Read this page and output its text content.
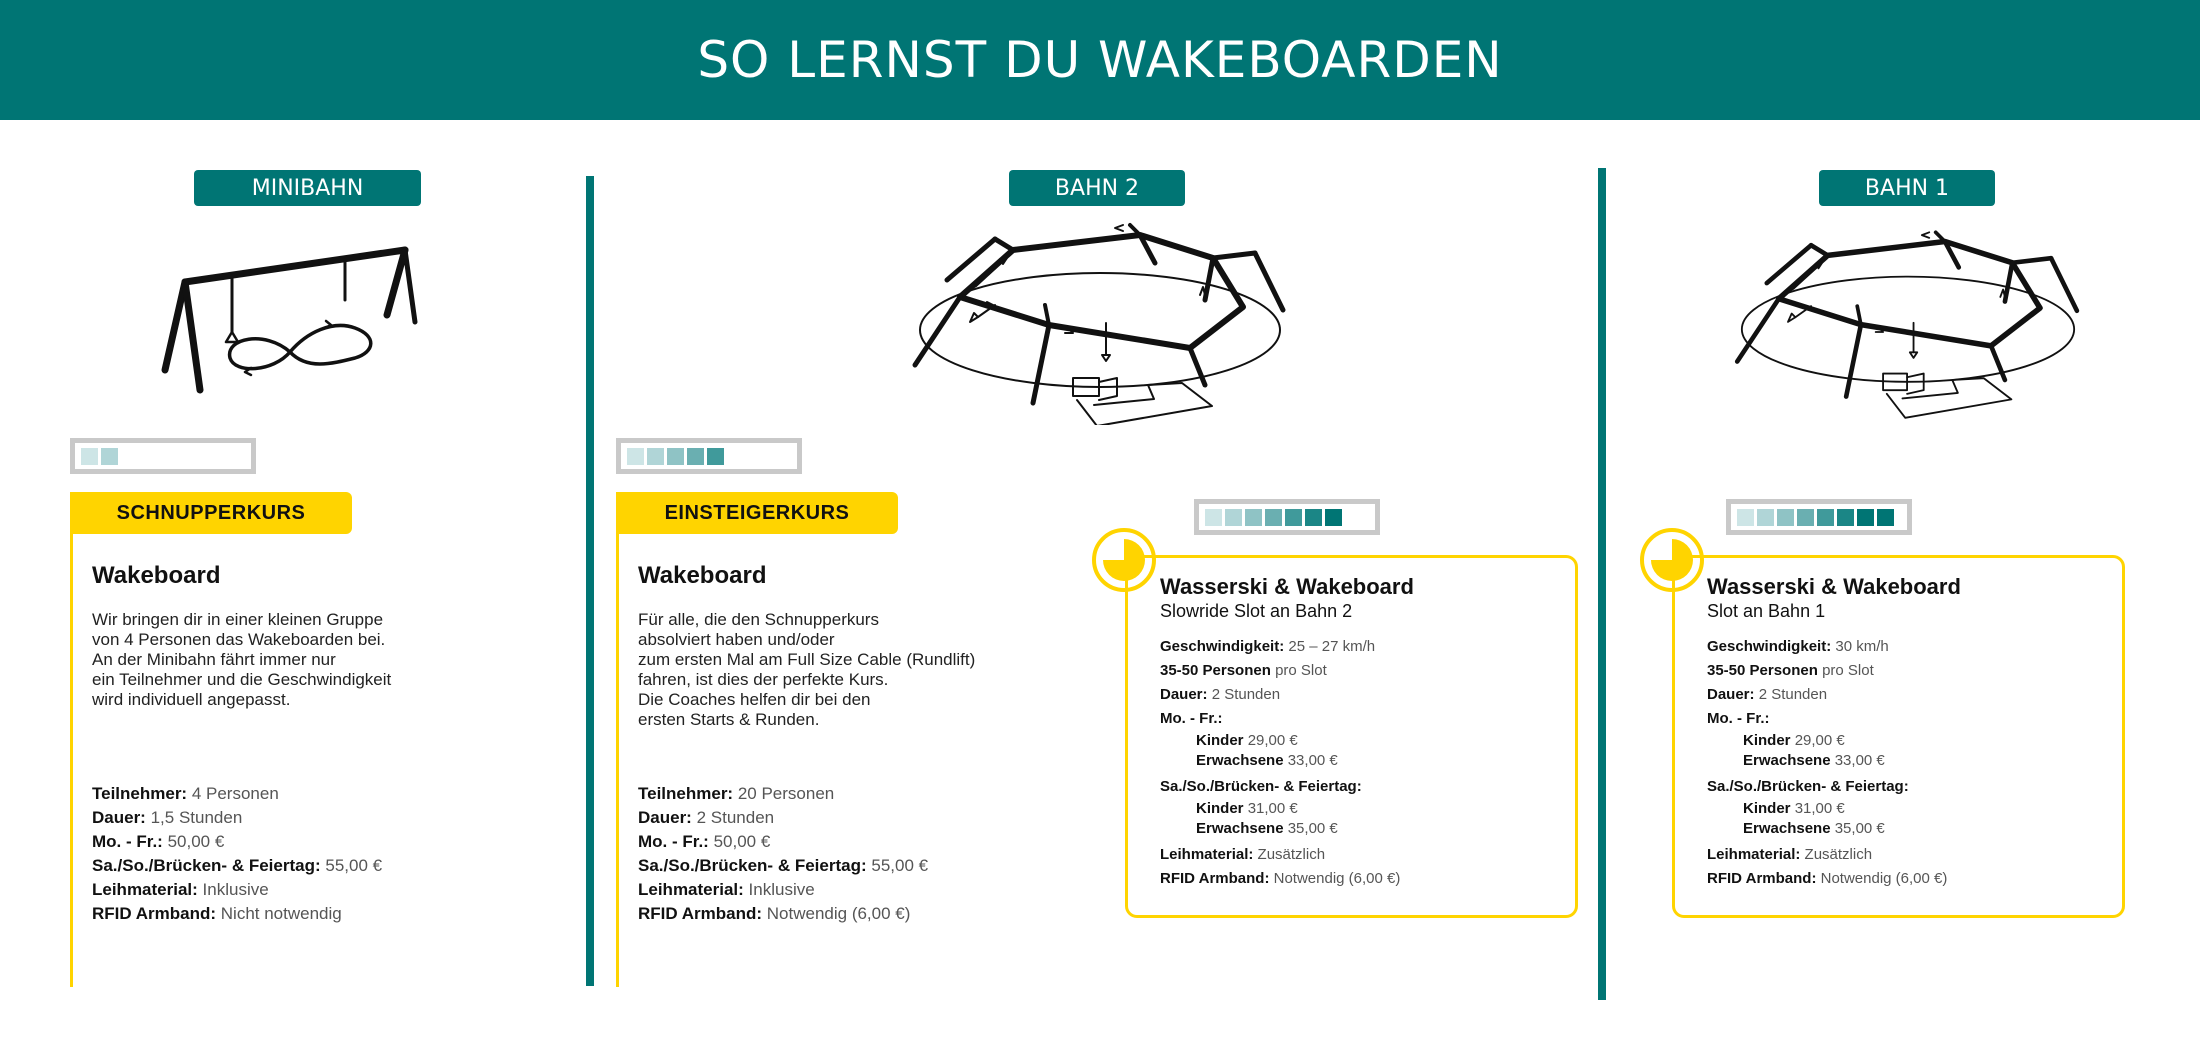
SO LERNST DU WAKEBOARDEN
MINIBAHN	BAHN 2	BAHN 1
SCHNUPPERKURS	EINSTEIGERKURS
Wakeboard
Wir bringen dir in einer kleinen Gruppe
von 4 Personen das Wakeboarden bei.
An der Minibahn fährt immer nur
ein Teilnehmer und die Geschwindigkeit
wird individuell angepasst.
Teilnehmer: 4 Personen
Dauer: 1,5 Stunden
Mo. - Fr.: 50,00 €
Sa./So./Brücken- & Feiertag: 55,00 €
Leihmaterial: Inklusive
RFID Armband: Nicht notwendig
Wakeboard
Für alle, die den Schnupperkurs
absolviert haben und/oder
zum ersten Mal am Full Size Cable (Rundlift)
fahren, ist dies der perfekte Kurs.
Die Coaches helfen dir bei den
ersten Starts & Runden.
Teilnehmer: 20 Personen
Dauer: 2 Stunden
Mo. - Fr.: 50,00 €
Sa./So./Brücken- & Feiertag: 55,00 €
Leihmaterial: Inklusive
RFID Armband: Notwendig (6,00 €)
Wasserski & Wakeboard
Slowride Slot an Bahn 2
Geschwindigkeit: 25 – 27 km/h
35-50 Personen pro Slot
Dauer: 2 Stunden
Mo. - Fr.:
Kinder 29,00 €
Erwachsene 33,00 €
Sa./So./Brücken- & Feiertag:
Kinder 31,00 €
Erwachsene 35,00 €
Leihmaterial: Zusätzlich
RFID Armband: Notwendig (6,00 €)
Wasserski & Wakeboard
Slot an Bahn 1
Geschwindigkeit: 30 km/h
35-50 Personen pro Slot
Dauer: 2 Stunden
Mo. - Fr.:
Kinder 29,00 €
Erwachsene 33,00 €
Sa./So./Brücken- & Feiertag:
Kinder 31,00 €
Erwachsene 35,00 €
Leihmaterial: Zusätzlich
RFID Armband: Notwendig (6,00 €)
